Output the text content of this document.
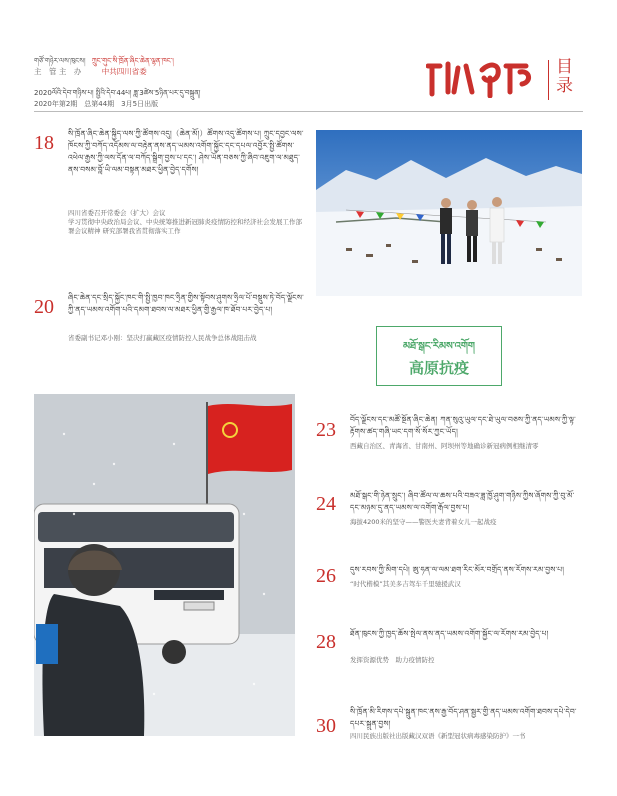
གཙོ་གཉེར་ལས་ཁུངས། ཀྲུང་གུང་སི་ཁྲོན་ཞིང་ཆེན་ལྷན་ཁང་།
主　管 主　办	中共四川省委
2020ལོའི་དེབ་གཉིས་པ། སྤྱིའི་དེབ་44པ། ཟླ་3ཚེས་5ཉིན་པར་དུ་བསྐྲུན།
2020年第2期　总第44期　3月5日出版
目录
18 སི་ཁྲོན་ཞིང་ཆེན་སྐྱིད་ལས་ཀྱི་ཚོགས་འདུ།（ཆེན་མོ།）ཚོགས་འདུ་ཚོགས་པ། ཀྲུང་དབྱང་ལས་ཁོངས་ཀྱི་བཀོད་འདོམས་ལ་བརྟེན་ནས་ནད་ཡམས་འགོག་སྐྱོང་དང་དཔལ་འབྱོར་སྤྱི་ཚོགས་འཕེལ་རྒྱས་ཀྱི་ལས་དོན་ལ་བཀོད་སྒྲིག་བྱས་པ་དང་། ཤེས་ཡོན་བཅས་ཀྱི་ཞིབ་འཇུག་ལ་མཐུད་ནས་བསམ་བློ་ཡི་ལམ་བསྟན་མཐར་ཕྱིན་བྱེད་དགོས།
四川省委召开常委会（扩大）会议
学习贯彻中央政治局会议、中央统筹推进新冠肺炎疫情防控和经济社会发展工作部署会议精神 研究部署我省贯彻落实工作
20 ཞིང་ཆེན་དང་སྲིད་སྐྱོང་ཁང་གི་སྤྱི་ཁྱབ་ཁང་ཧྲིན་གྱིས་སྟོབས་ཤུགས་ཧྲིལ་པོ་བསྡུས་ཏེ་བོད་ལྗོངས་ཀྱི་ནད་ཡམས་འགོག་པའི་དམག་ཐབས་ལ་མཐར་ཕྱིན་གྱི་རྒྱལ་ཁ་ཐོབ་པར་བྱེད་པ།
省委副书记邓小刚：坚决打赢藏区疫情防控人民战争总体战阻击战
མཐོ་སྒང་རིམས་འགོག
高原抗疫
23 བོད་ལྗོངས་དང་མཚོ་སྔོན་ཞིང་ཆེན། ཀན་སུའུ་ཡུལ་དང་ཐེ་ཡུལ་བཅས་ཀྱི་ནད་ཡམས་ཀྱི་ལྟ་རྟོགས་ཚད་གཞི་ཡང་དག་སོ་སོར་ཀྱང་ཡོད།
西藏自治区、青海省、甘南州、阿坝州等地确诊新冠病例相继清零
24 མཐོ་སྒང་གི་ཉེན་སྲུང་། ཞིབ་ཚོལ་ལ་ཆས་པའི་བཟའ་ཟླ་ཁྱོ་ཤུག་གཉིས་ཀྱིས་ཞོགས་ཀྱི་བུ་མོ་དང་མཉམ་དུ་ནད་ཡམས་ལ་འགོག་རྒོལ་བྱས་པ།
海拔4200米的坚守——警医夫妻背着女儿一起战疫
26 དུས་རབས་ཀྱི་མིག་དཔེ། ཨུ་ཧན་ལ་ལམ་ཐག་རིང་མོར་བགྲོད་ནས་རོགས་རམ་བྱས་པ།
“时代楷模”其美多吉驾车千里驰援武汉
28 ཐོན་ཁུངས་ཀྱི་ཁྱད་ཆོས་སྤེལ་ནས་ནད་ཡམས་འགོག་སྐྱོང་ལ་རོགས་རམ་བྱེད་པ།
发挥资源优势　助力疫情防控
30
སི་ཁྲོན་མི་རིགས་དཔེ་སྐྲུན་ཁང་ནས་རྒྱ་བོད་ཤན་སྦྱར་གྱི་ནད་ཡམས་འགོག་ཐབས་དཔེ་དེབ་དཔར་སྐྲུན་བྱས།
四川民族出版社出版藏汉双语《新型冠状病毒感染防护》一书
